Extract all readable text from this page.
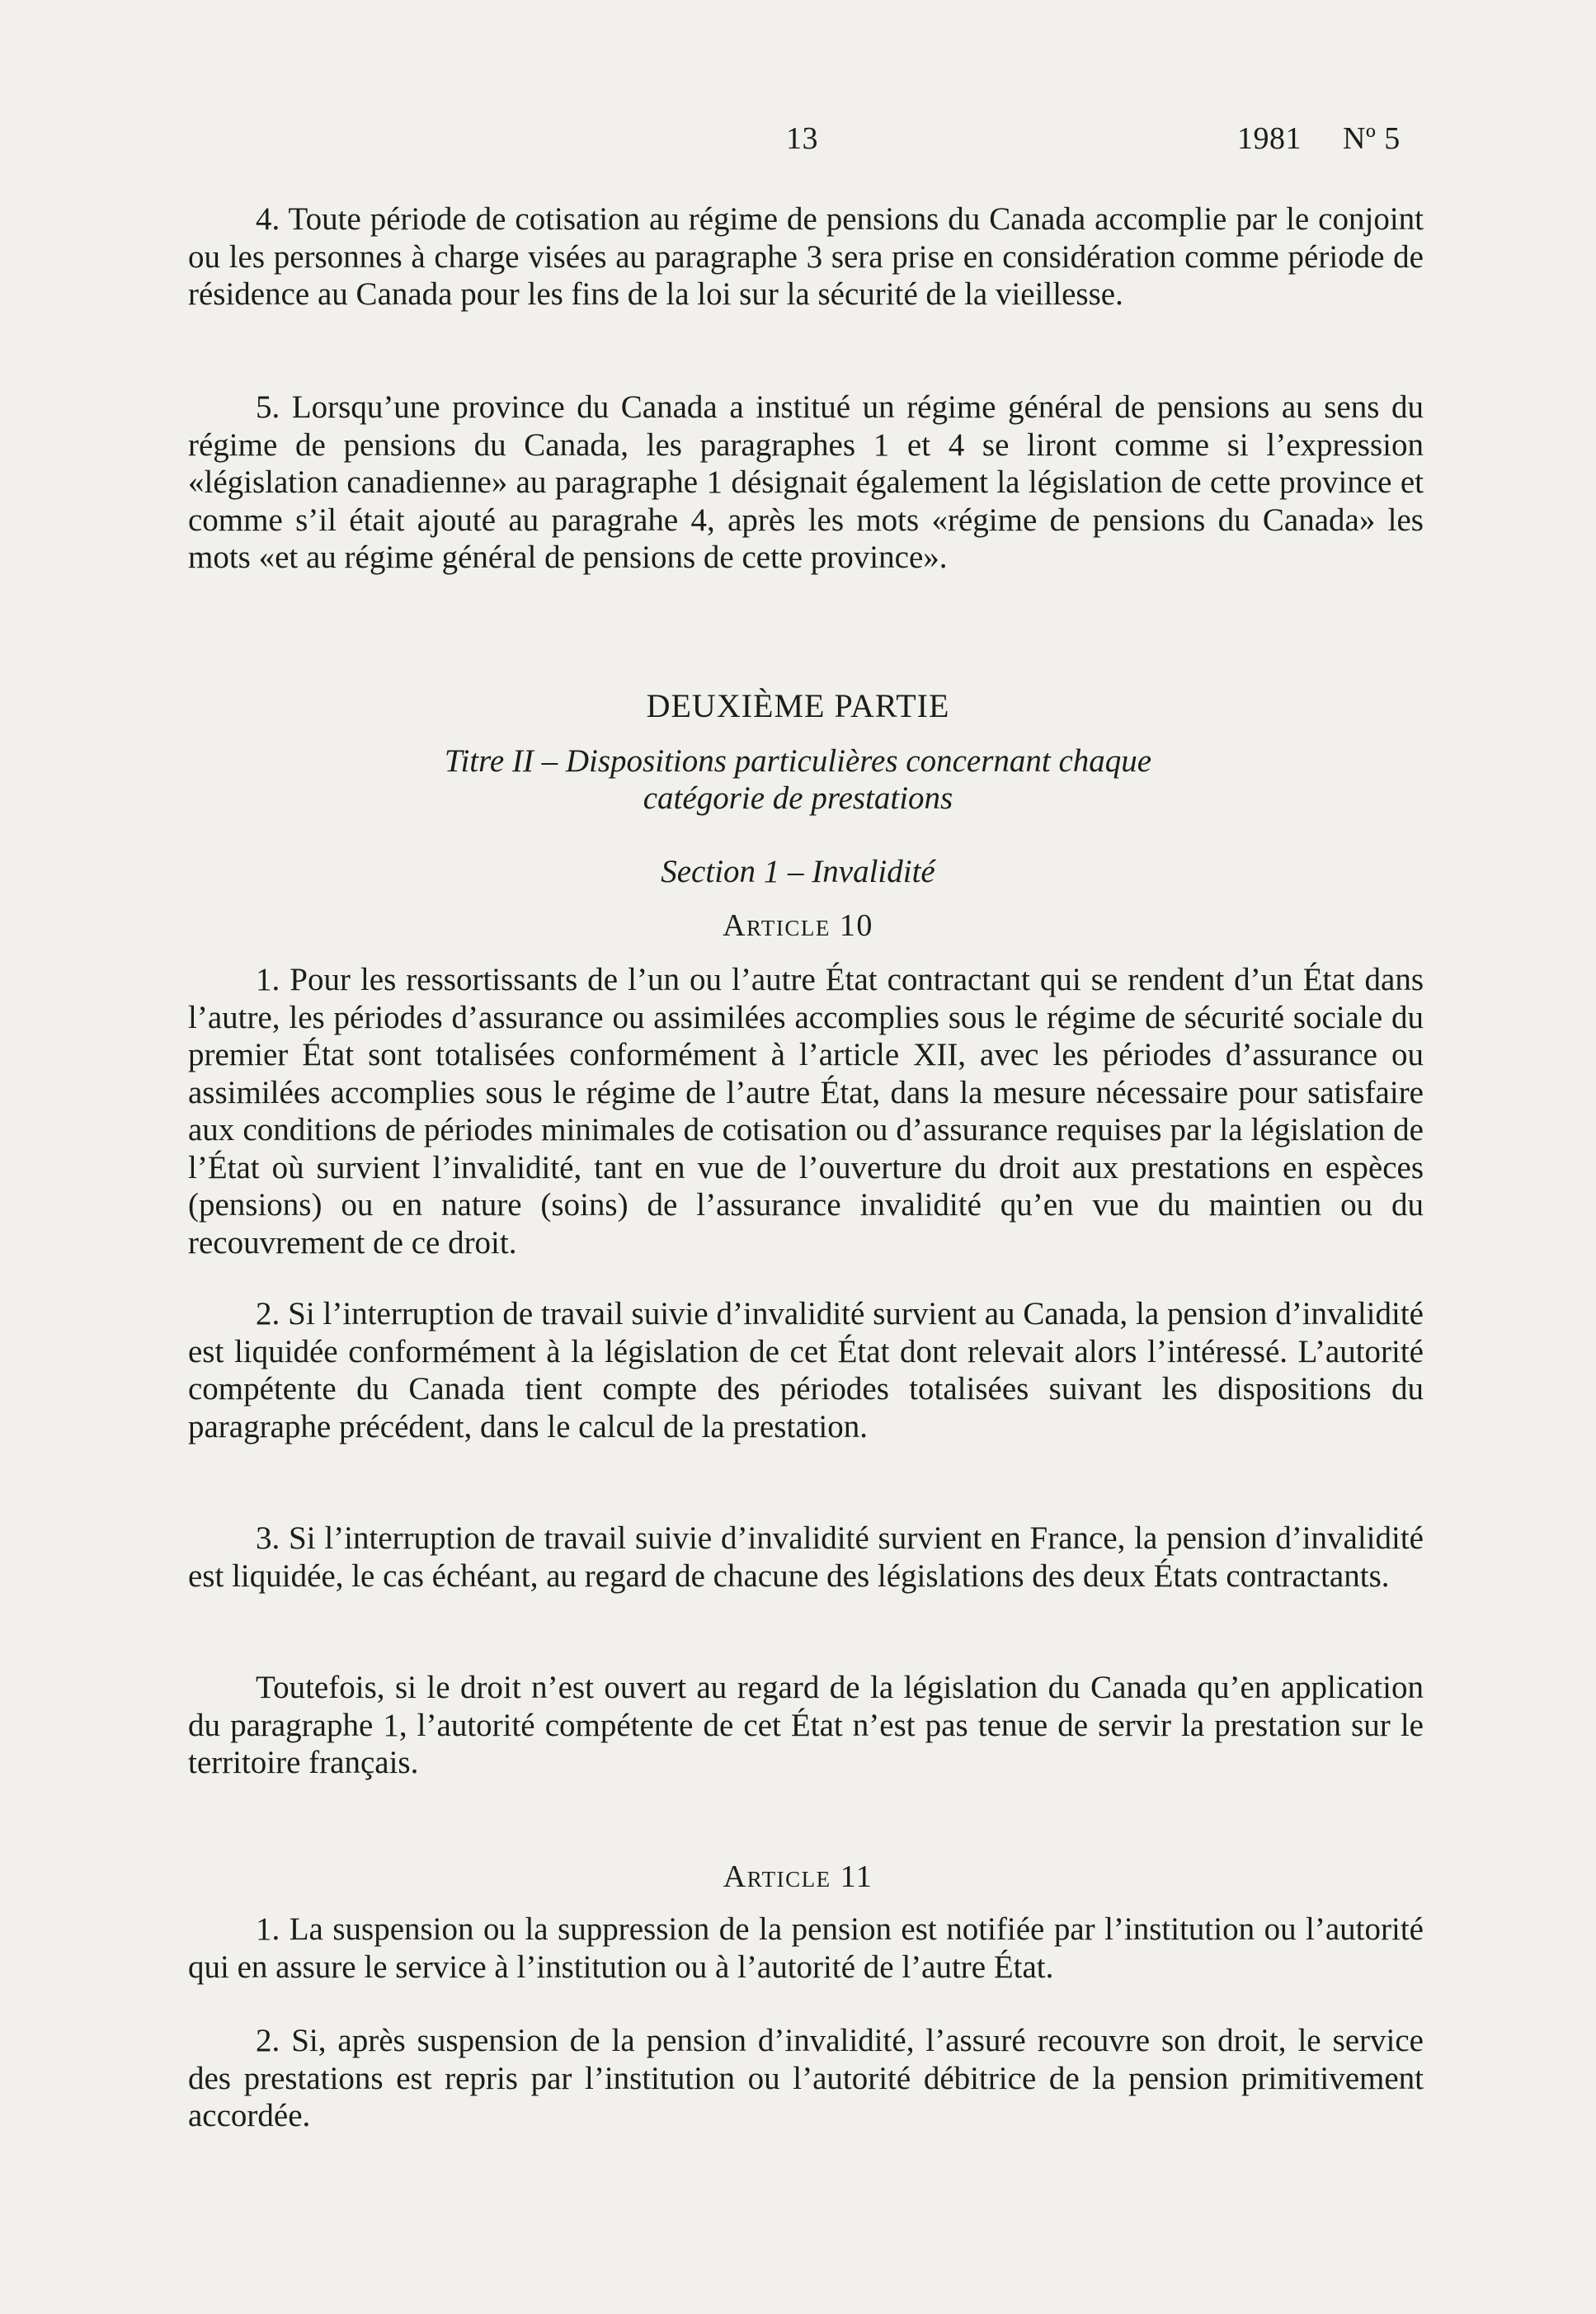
13	1981 Nº 5

4. Toute période de cotisation au régime de pensions du Canada accomplie par le conjoint ou les personnes à charge visées au paragraphe 3 sera prise en considération comme période de résidence au Canada pour les fins de la loi sur la sécurité de la vieillesse.

5. Lorsqu’une province du Canada a institué un régime général de pensions au sens du régime de pensions du Canada, les paragraphes 1 et 4 se liront comme si l’expression «législation canadienne» au paragraphe 1 désignait également la législation de cette province et comme s’il était ajouté au paragrahe 4, après les mots «régime de pensions du Canada» les mots «et au régime général de pensions de cette province».

DEUXIÈME PARTIE
Titre II – Dispositions particulières concernant chaque
catégorie de prestations
Section 1 – Invalidité
Article 10

1. Pour les ressortissants de l’un ou l’autre État contractant qui se rendent d’un État dans l’autre, les périodes d’assurance ou assimilées accomplies sous le régime de sécurité sociale du premier État sont totalisées conformément à l’article XII, avec les périodes d’assurance ou assimilées accomplies sous le régime de l’autre État, dans la mesure nécessaire pour satisfaire aux conditions de périodes minimales de cotisation ou d’assurance requises par la législation de l’État où survient l’invalidité, tant en vue de l’ouverture du droit aux prestations en espèces (pensions) ou en nature (soins) de l’assurance invalidité qu’en vue du maintien ou du recouvrement de ce droit.

2. Si l’interruption de travail suivie d’invalidité survient au Canada, la pension d’invalidité est liquidée conformément à la législation de cet État dont relevait alors l’intéressé. L’autorité compétente du Canada tient compte des périodes totalisées suivant les dispositions du paragraphe précédent, dans le calcul de la prestation.

3. Si l’interruption de travail suivie d’invalidité survient en France, la pension d’invalidité est liquidée, le cas échéant, au regard de chacune des législations des deux États contractants.

Toutefois, si le droit n’est ouvert au regard de la législation du Canada qu’en application du paragraphe 1, l’autorité compétente de cet État n’est pas tenue de servir la prestation sur le territoire français.

Article 11

1. La suspension ou la suppression de la pension est notifiée par l’institution ou l’autorité qui en assure le service à l’institution ou à l’autorité de l’autre État.

2. Si, après suspension de la pension d’invalidité, l’assuré recouvre son droit, le service des prestations est repris par l’institution ou l’autorité débitrice de la pension primitivement accordée.
